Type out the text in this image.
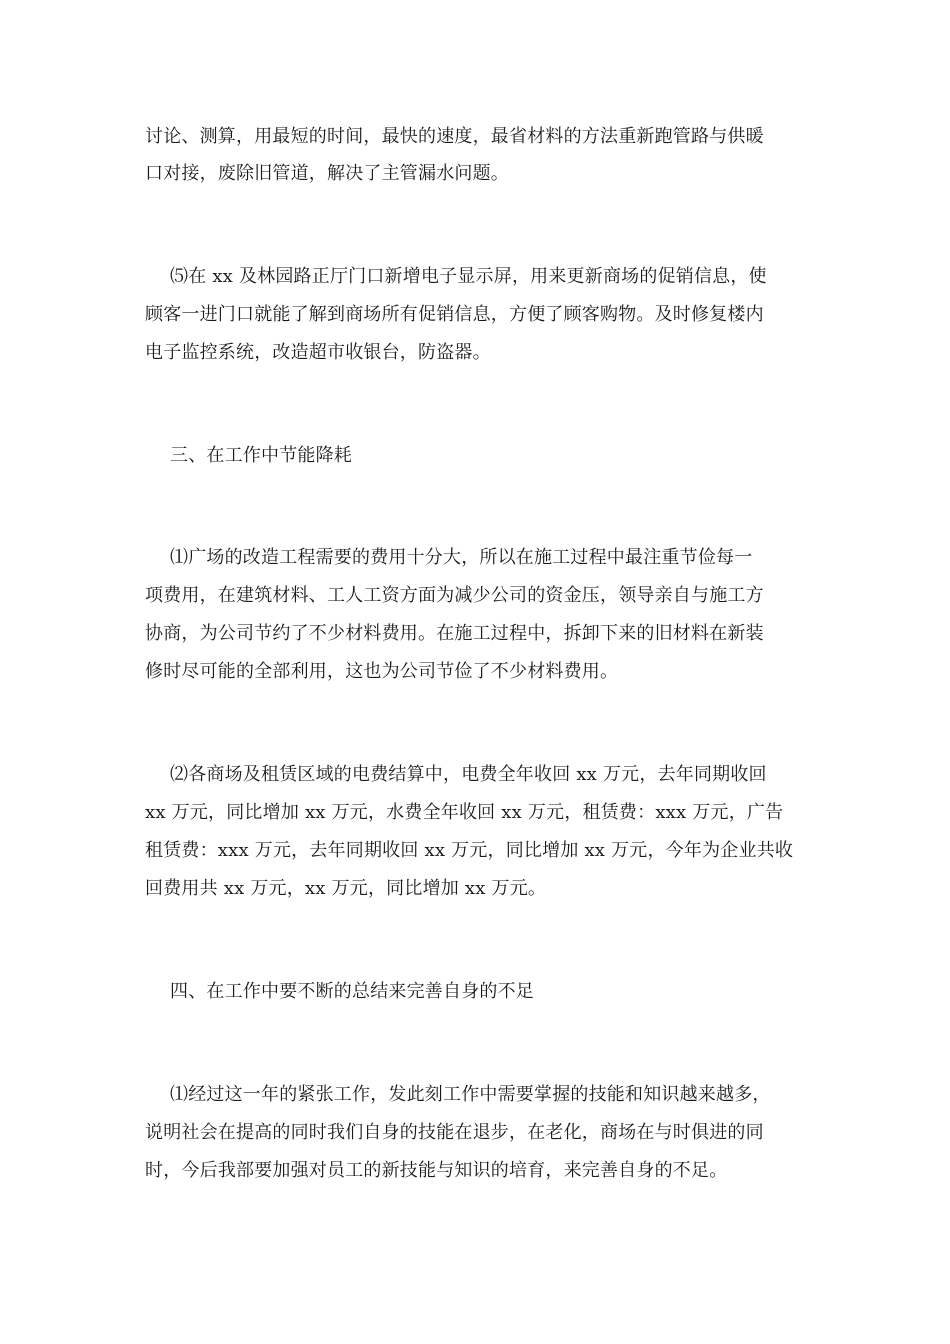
讨论、测算，用最短的时间，最快的速度，最省材料的方法重新跑管路与供暖

口对接，废除旧管道，解决了主管漏水问题。

⑸在 xx 及林园路正厅门口新增电子显示屏，用来更新商场的促销信息，使

顾客一进门口就能了解到商场所有促销信息，方便了顾客购物。及时修复楼内

电子监控系统，改造超市收银台，防盗器。

三、在工作中节能降耗

⑴广场的改造工程需要的费用十分大，所以在施工过程中最注重节俭每一

项费用，在建筑材料、工人工资方面为减少公司的资金压，领导亲自与施工方

协商，为公司节约了不少材料费用。在施工过程中，拆卸下来的旧材料在新装

修时尽可能的全部利用，这也为公司节俭了不少材料费用。

⑵各商场及租赁区域的电费结算中，电费全年收回 xx 万元，去年同期收回

xx 万元，同比增加 xx 万元，水费全年收回 xx 万元，租赁费：xxx 万元，广告

租赁费：xxx 万元，去年同期收回 xx 万元，同比增加 xx 万元，今年为企业共收

回费用共 xx 万元，xx 万元，同比增加 xx 万元。

四、在工作中要不断的总结来完善自身的不足

⑴经过这一年的紧张工作，发此刻工作中需要掌握的技能和知识越来越多，

说明社会在提高的同时我们自身的技能在退步，在老化，商场在与时俱进的同

时，今后我部要加强对员工的新技能与知识的培育，来完善自身的不足。
